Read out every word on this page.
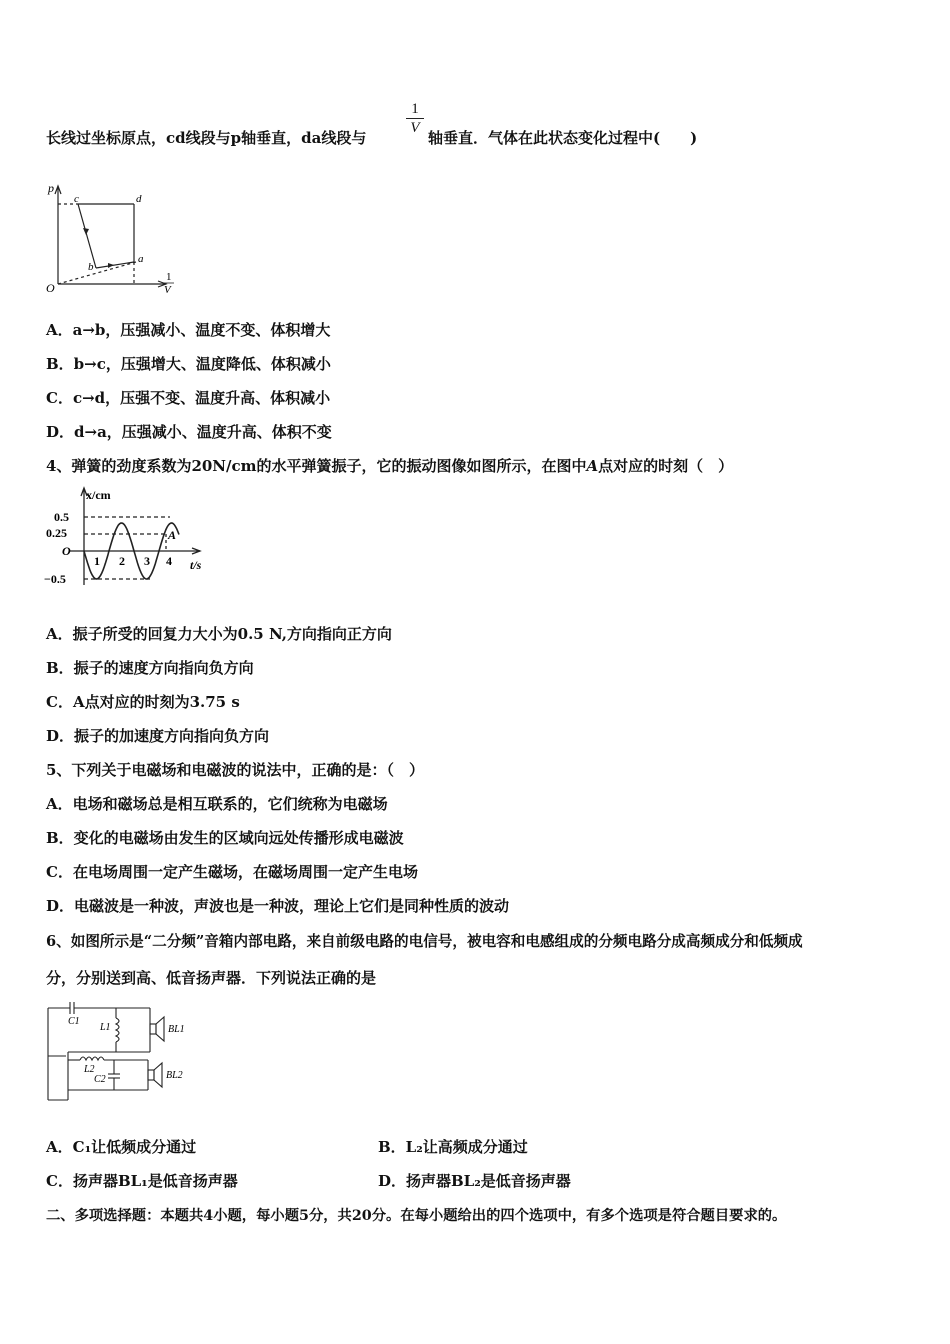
长线过坐标原点，cd线段与p轴垂直，da线段与
$\frac{1}{V}$
轴垂直．气体在此状态变化过程中(　　)
p
O
1
V
a
b
c	d
A．a→b，压强减小、温度不变、体积增大
B．b→c，压强增大、温度降低、体积减小
C．c→d，压强不变、温度升高、体积减小
D．d→a，压强减小、温度升高、体积不变
4、弹簧的劲度系数为20N/cm的水平弹簧振子，它的振动图像如图所示，在图中A点对应的时刻（　）
x/cm
t/s
0.5
0.25
O
−0.5
1 2 3 4
A
A．振子所受的回复力大小为0.5 N,方向指向正方向
B．振子的速度方向指向负方向
C．A点对应的时刻为3.75 s
D．振子的加速度方向指向负方向
5、下列关于电磁场和电磁波的说法中，正确的是：（　）
A．电场和磁场总是相互联系的，它们统称为电磁场
B．变化的电磁场由发生的区域向远处传播形成电磁波
C．在电场周围一定产生磁场，在磁场周围一定产生电场
D．电磁波是一种波，声波也是一种波，理论上它们是同种性质的波动
6、如图所示是“二分频”音箱内部电路，来自前级电路的电信号，被电容和电感组成的分频电路分成高频成分和低频成
分，分别送到高、低音扬声器．下列说法正确的是
C1
L1	BL1
L2
C2	BL2
A．C₁让低频成分通过	B．L₂让高频成分通过
C．扬声器BL₁是低音扬声器	D．扬声器BL₂是低音扬声器
二、多项选择题：本题共4小题，每小题5分，共20分。在每小题给出的四个选项中，有多个选项是符合题目要求的。
